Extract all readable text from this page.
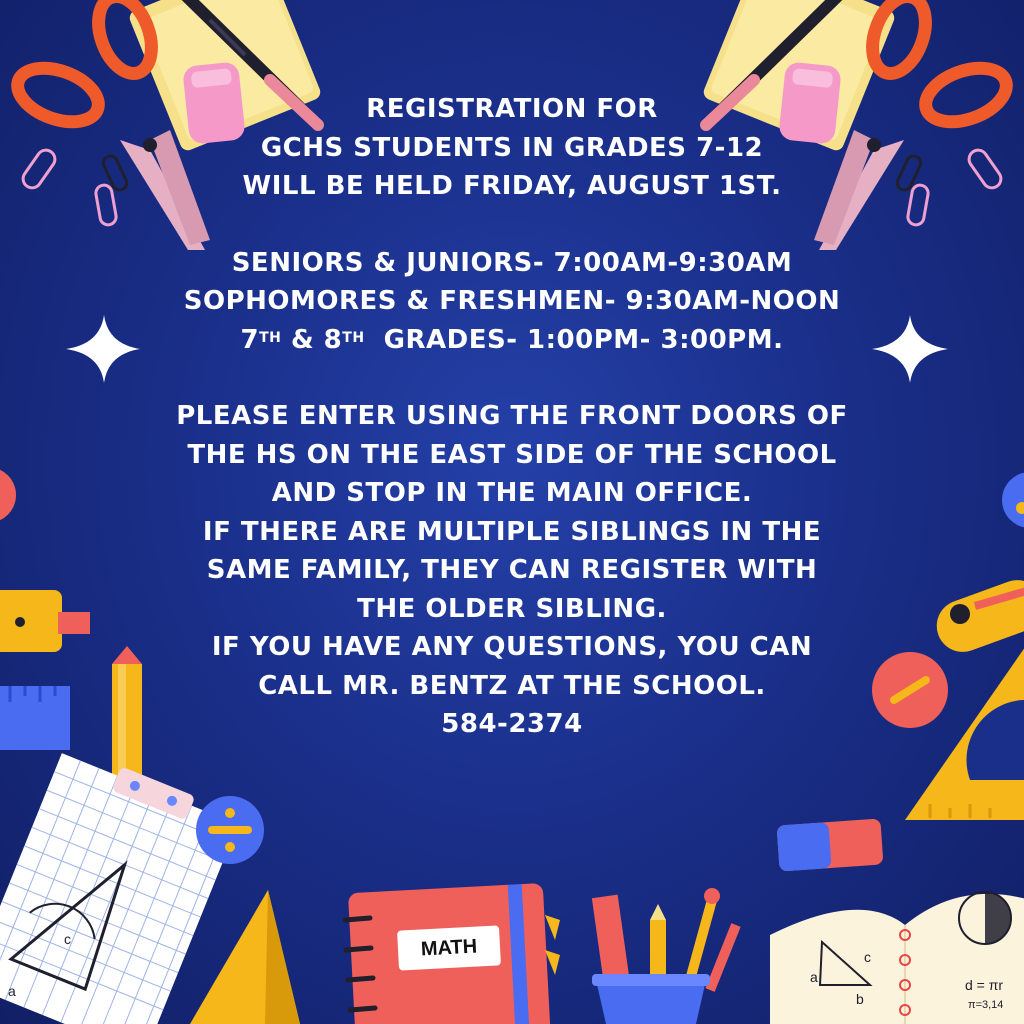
c
a
c
a
b
d = πr
π=3,14
MATH
REGISTRATION FOR
GCHS STUDENTS IN GRADES 7-12
WILL BE HELD FRIDAY, AUGUST 1ST.
SENIORS & JUNIORS- 7:00AM-9:30AM
SOPHOMORES & FRESHMEN- 9:30AM-NOON
7TH & 8TH GRADES- 1:00PM- 3:00PM.
PLEASE ENTER USING THE FRONT DOORS OF
THE HS ON THE EAST SIDE OF THE SCHOOL
AND STOP IN THE MAIN OFFICE.
IF THERE ARE MULTIPLE SIBLINGS IN THE
SAME FAMILY, THEY CAN REGISTER WITH
THE OLDER SIBLING.
IF YOU HAVE ANY QUESTIONS, YOU CAN
CALL MR. BENTZ AT THE SCHOOL.
584-2374
